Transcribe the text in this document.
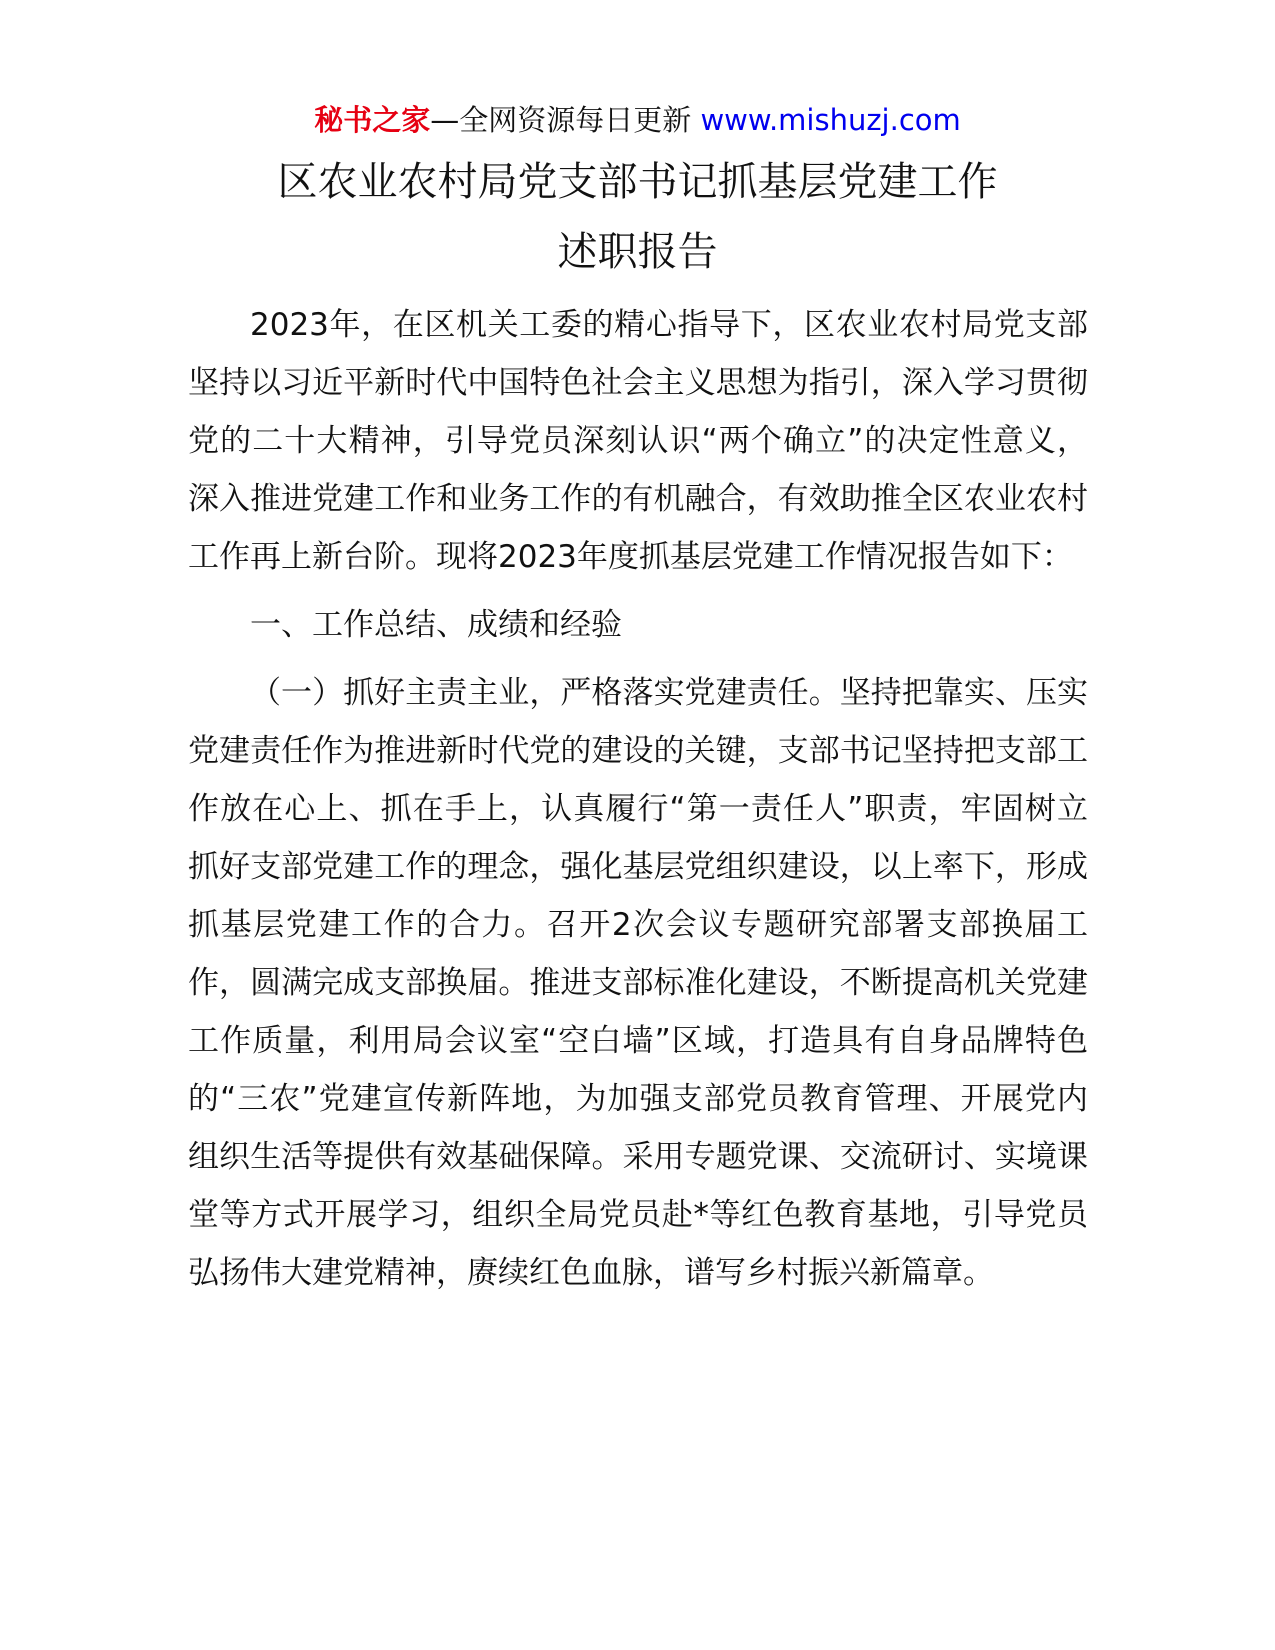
秘书之家—全网资源每日更新 www.mishuzj.com
区农业农村局党支部书记抓基层党建工作
述职报告

2023年，在区机关工委的精心指导下，区农业农村局党支部坚持以习近平新时代中国特色社会主义思想为指引，深入学习贯彻党的二十大精神，引导党员深刻认识“两个确立”的决定性意义，深入推进党建工作和业务工作的有机融合，有效助推全区农业农村工作再上新台阶。现将2023年度抓基层党建工作情况报告如下：

一、工作总结、成绩和经验

（一）抓好主责主业，严格落实党建责任。坚持把靠实、压实党建责任作为推进新时代党的建设的关键，支部书记坚持把支部工作放在心上、抓在手上，认真履行“第一责任人”职责，牢固树立抓好支部党建工作的理念，强化基层党组织建设，以上率下，形成抓基层党建工作的合力。召开2次会议专题研究部署支部换届工作，圆满完成支部换届。推进支部标准化建设，不断提高机关党建工作质量，利用局会议室“空白墙”区域，打造具有自身品牌特色的“三农”党建宣传新阵地，为加强支部党员教育管理、开展党内组织生活等提供有效基础保障。采用专题党课、交流研讨、实境课堂等方式开展学习，组织全局党员赴*等红色教育基地，引导党员弘扬伟大建党精神，赓续红色血脉，谱写乡村振兴新篇章。
